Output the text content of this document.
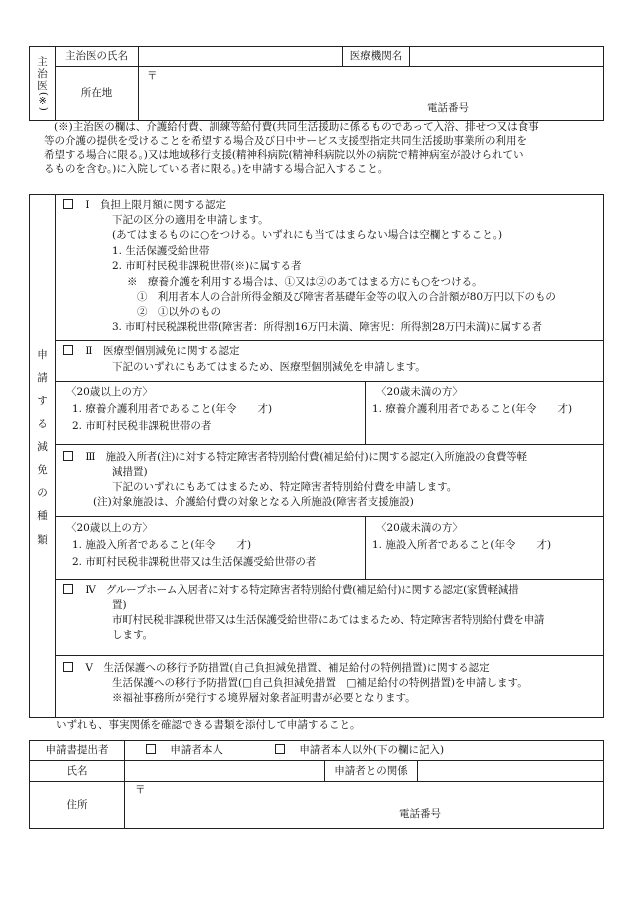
主
治
医
(※)
主治医の氏名	医療機関名
所在地
〒
電話番号
(※)主治医の欄は、介護給付費、訓練等給付費(共同生活援助に係るものであって入浴、排せつ又は食事
等の介護の提供を受けることを希望する場合及び日中サービス支援型指定共同生活援助事業所の利用を
希望する場合に限る。)又は地域移行支援(精神科病院(精神科病院以外の病院で精神病室が設けられてい
るものを含む。)に入院している者に限る。)を申請する場合記入すること。
申
請
す
る
減
免
の
種
類
Ⅰ　負担上限月額に関する認定
下記の区分の適用を申請します。
(あてはまるものに○をつける。いずれにも当てはまらない場合は空欄とすること。)
1. 生活保護受給世帯
2. 市町村民税非課税世帯(※)に属する者
※　療養介護を利用する場合は、①又は②のあてはまる方にも○をつける。
①　利用者本人の合計所得金額及び障害者基礎年金等の収入の合計額が80万円以下のもの
②　①以外のもの
3. 市町村民税課税世帯(障害者：所得割16万円未満、障害児：所得割28万円未満)に属する者
Ⅱ　医療型個別減免に関する認定
下記のいずれにもあてはまるため、医療型個別減免を申請します。
〈20歳以上の方〉
1. 療養介護利用者であること(年令　　才)
2. 市町村民税非課税世帯の者
〈20歳未満の方〉
1. 療養介護利用者であること(年令　　才)
Ⅲ　施設入所者(注)に対する特定障害者特別給付費(補足給付)に関する認定(入所施設の食費等軽
減措置)
下記のいずれにもあてはまるため、特定障害者特別給付費を申請します。
(注)対象施設は、介護給付費の対象となる入所施設(障害者支援施設)
〈20歳以上の方〉
1. 施設入所者であること(年令　　才)
2. 市町村民税非課税世帯又は生活保護受給世帯の者
〈20歳未満の方〉
1. 施設入所者であること(年令　　才)
Ⅳ　グループホーム入居者に対する特定障害者特別給付費(補足給付)に関する認定(家賃軽減措
置)
市町村民税非課税世帯又は生活保護受給世帯にあてはまるため、特定障害者特別給付費を申請
します。
Ⅴ　生活保護への移行予防措置(自己負担減免措置、補足給付の特例措置)に関する認定
生活保護への移行予防措置(□自己負担減免措置　□補足給付の特例措置)を申請します。
※福祉事務所が発行する境界層対象者証明書が必要となります。
いずれも、事実関係を確認できる書類を添付して申請すること。
申請書提出者	申請者本人	申請者本人以外(下の欄に記入)
氏名	申請者との関係
住所
〒
電話番号
